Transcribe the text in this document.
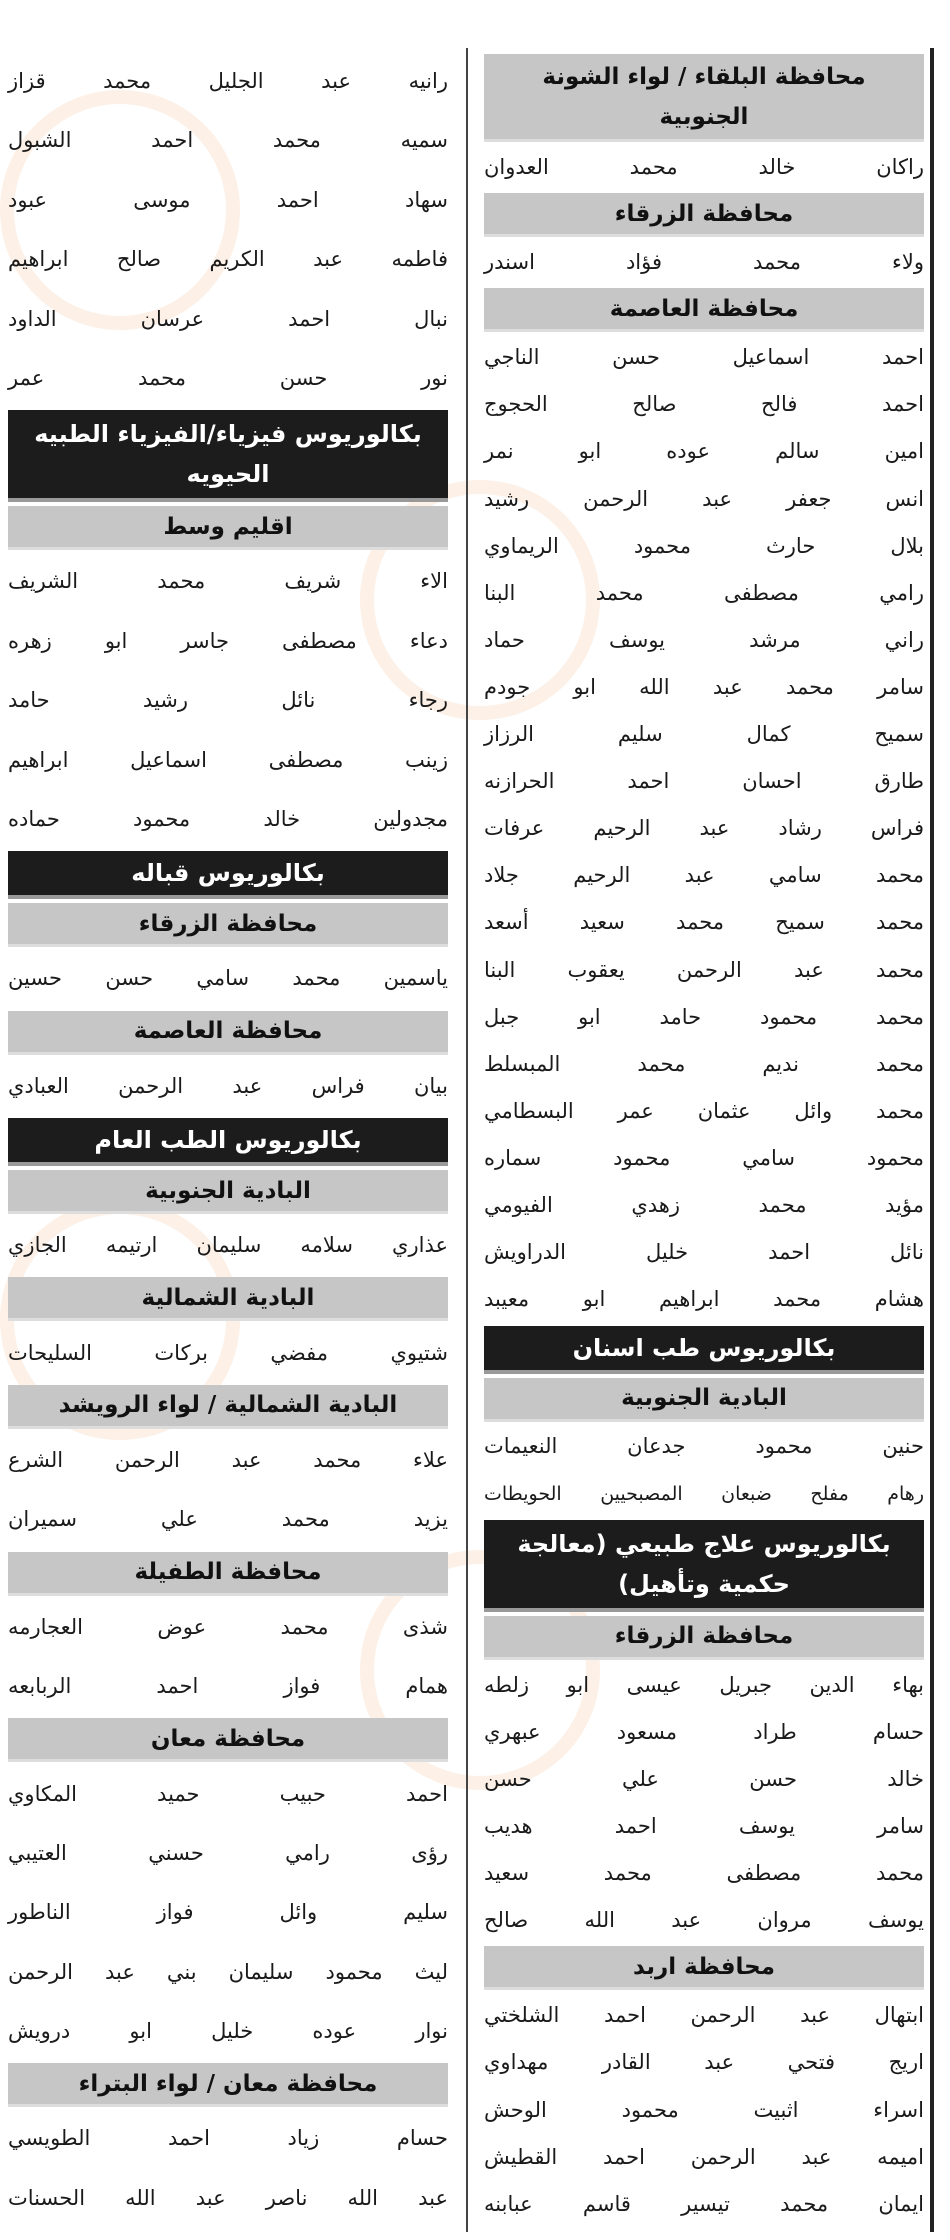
محافظة البلقاء / لواء الشونة الجنوبية
راكان خالد محمد العدوان
محافظة الزرقاء
ولاء محمد فؤاد اسندر
محافظة العاصمة
احمد اسماعيل حسن الناجي
احمد فالح صالح الحجوج
امين سالم عوده ابو نمر
انس جعفر عبد الرحمن رشيد
بلال حارث محمود الريماوي
رامي مصطفى محمد البنا
راني مرشد يوسف حماد
سامر محمد عبد الله ابو جودم
سميح كمال سليم الرزاز
طارق احسان احمد الحرازنه
فراس رشاد عبد الرحيم عرفات
محمد سامي عبد الرحيم جلاد
محمد سميح محمد سعيد أسعد
محمد عبد الرحمن يعقوب البنا
محمد محمود حامد ابو جبل
محمد نديم محمد المبسلط
محمد وائل عثمان عمر البسطامي
محمود سامي محمود سماره
مؤيد محمد زهدي الفيومي
نائل احمد خليل الدراويش
هشام محمد ابراهيم ابو معيبد
بكالوريوس طب اسنان
البادية الجنوبية
حنين محمود جدعان النعيمات
رهام مفلح ضبعان المصبحيين الحويطات
بكالوريوس علاج طبيعي (معالجة حكمية وتأهيل)
محافظة الزرقاء
بهاء الدين جبريل عيسى ابو زلطه
حسام طراد مسعود عبهري
خالد حسن علي حسن
سامر يوسف احمد هديب
محمد مصطفى محمد سعيد
يوسف مروان عبد الله صالح
محافظة اربد
ابتهال عبد الرحمن احمد الشلختي
اريج فتحي عبد القادر مهداوي
اسراء اثبيت محمود الوحش
اميمه عبد الرحمن احمد القطيش
ايمان محمد تيسير قاسم عبابنه
رانيه عبد الجليل محمد قزاز
سميه محمد احمد الشبول
سهاد احمد موسى عبود
فاطمه عبد الكريم صالح ابراهيم
نبال احمد عرسان الداود
نور حسن محمد عمر
بكالوريوس فيزياء/الفيزياء الطبيه الحيويه
اقليم وسط
الاء شريف محمد الشريف
دعاء مصطفى جاسر ابو زهره
رجاء نائل رشيد حامد
زينب مصطفى اسماعيل ابراهيم
مجدولين خالد محمود حماده
بكالوريوس قباله
محافظة الزرقاء
ياسمين محمد سامي حسن حسين
محافظة العاصمة
بيان فراس عبد الرحمن العبادي
بكالوريوس الطب العام
البادية الجنوبية
عذاري سلامه سليمان ارتيمه الجازي
البادية الشمالية
شتيوي مفضي بركات السليحات
البادية الشمالية / لواء الرويشد
علاء محمد عبد الرحمن الشرع
يزيد محمد علي سميران
محافظة الطفيلة
شذى محمد عوض العجارمه
همام فواز احمد الربابعه
محافظة معان
احمد حبيب حميد المكاوي
رؤى رامي حسني العتيبي
سليم وائل فواز الناطور
ليث محمود سليمان بني عبد الرحمن
نوار عوده خليل ابو درويش
محافظة معان / لواء البتراء
حسام زياد احمد الطويسي
عبد الله ناصر عبد الله الحسنات
